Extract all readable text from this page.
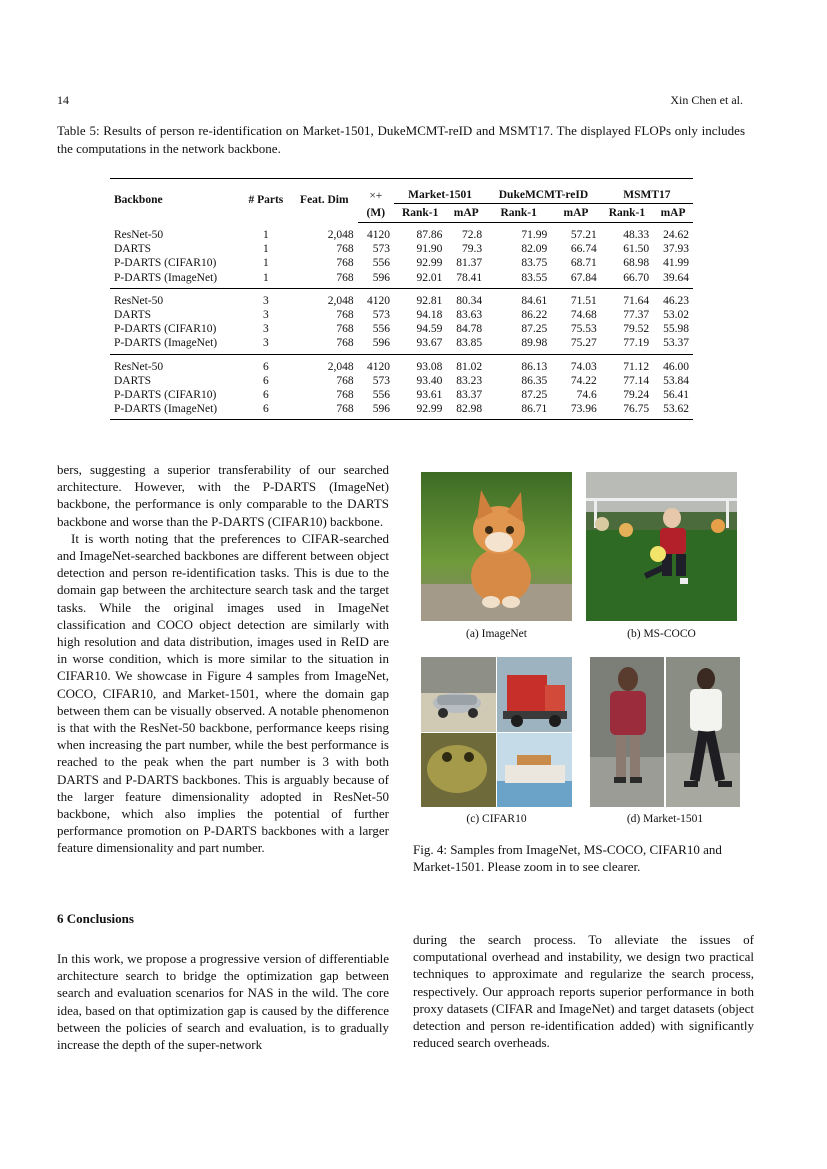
14	Xin Chen et al.
Table 5: Results of person re-identification on Market-1501, DukeMCMT-reID and MSMT17. The displayed FLOPs only includes the computations in the network backbone.
Backbone	# Parts	Feat. Dim	×+	Market-1501		DukeMCMT-reID		MSMT17	
			(M)	Rank-1	mAP	Rank-1	mAP	Rank-1	mAP
ResNet-50	1	2,048	4120	87.86	72.8	71.99	57.21	48.33	24.62
DARTS	1	768	573	91.90	79.3	82.09	66.74	61.50	37.93
P-DARTS (CIFAR10)	1	768	556	92.99	81.37	83.75	68.71	68.98	41.99
P-DARTS (ImageNet)	1	768	596	92.01	78.41	83.55	67.84	66.70	39.64
ResNet-50	3	2,048	4120	92.81	80.34	84.61	71.51	71.64	46.23
DARTS	3	768	573	94.18	83.63	86.22	74.68	77.37	53.02
P-DARTS (CIFAR10)	3	768	556	94.59	84.78	87.25	75.53	79.52	55.98
P-DARTS (ImageNet)	3	768	596	93.67	83.85	89.98	75.27	77.19	53.37
ResNet-50	6	2,048	4120	93.08	81.02	86.13	74.03	71.12	46.00
DARTS	6	768	573	93.40	83.23	86.35	74.22	77.14	53.84
P-DARTS (CIFAR10)	6	768	556	93.61	83.37	87.25	74.6	79.24	56.41
P-DARTS (ImageNet)	6	768	596	92.99	82.98	86.71	73.96	76.75	53.62

bers, suggesting a superior transferability of our searched architecture. However, with the P-DARTS (ImageNet) backbone, the performance is only comparable to the DARTS backbone and worse than the P-DARTS (CIFAR10) backbone.

It is worth noting that the preferences to CIFAR-searched and ImageNet-searched backbones are different between object detection and person re-identification tasks. This is due to the domain gap between the architecture search task and the target tasks. While the original images used in ImageNet classification and COCO object detection are similarly with high resolution and data distribution, images used in ReID are in worse condition, which is more similar to the situation in CIFAR10. We showcase in Figure 4 samples from ImageNet, COCO, CIFAR10, and Market-1501, where the domain gap between them can be visually observed. A notable phenomenon is that with the ResNet-50 backbone, performance keeps rising when increasing the part number, while the best performance is reached to the peak when the part number is 3 with both DARTS and P-DARTS backbones. This is arguably because of the larger feature dimensionality adopted in ResNet-50 backbone, which also implies the potential of further performance promotion on P-DARTS backbones with a larger feature dimensionality and part number.

(a) ImageNet	(b) MS-COCO
(c) CIFAR10	(d) Market-1501
Fig. 4: Samples from ImageNet, MS-COCO, CIFAR10 and Market-1501. Please zoom in to see clearer.
6 Conclusions

In this work, we propose a progressive version of differentiable architecture search to bridge the optimization gap between search and evaluation scenarios for NAS in the wild. The core idea, based on that optimization gap is caused by the difference between the policies of search and evaluation, is to gradually increase the depth of the super-network

during the search process. To alleviate the issues of computational overhead and instability, we design two practical techniques to approximate and regularize the search process, respectively. Our approach reports superior performance in both proxy datasets (CIFAR and ImageNet) and target datasets (object detection and person re-identification added) with significantly reduced search overheads.
